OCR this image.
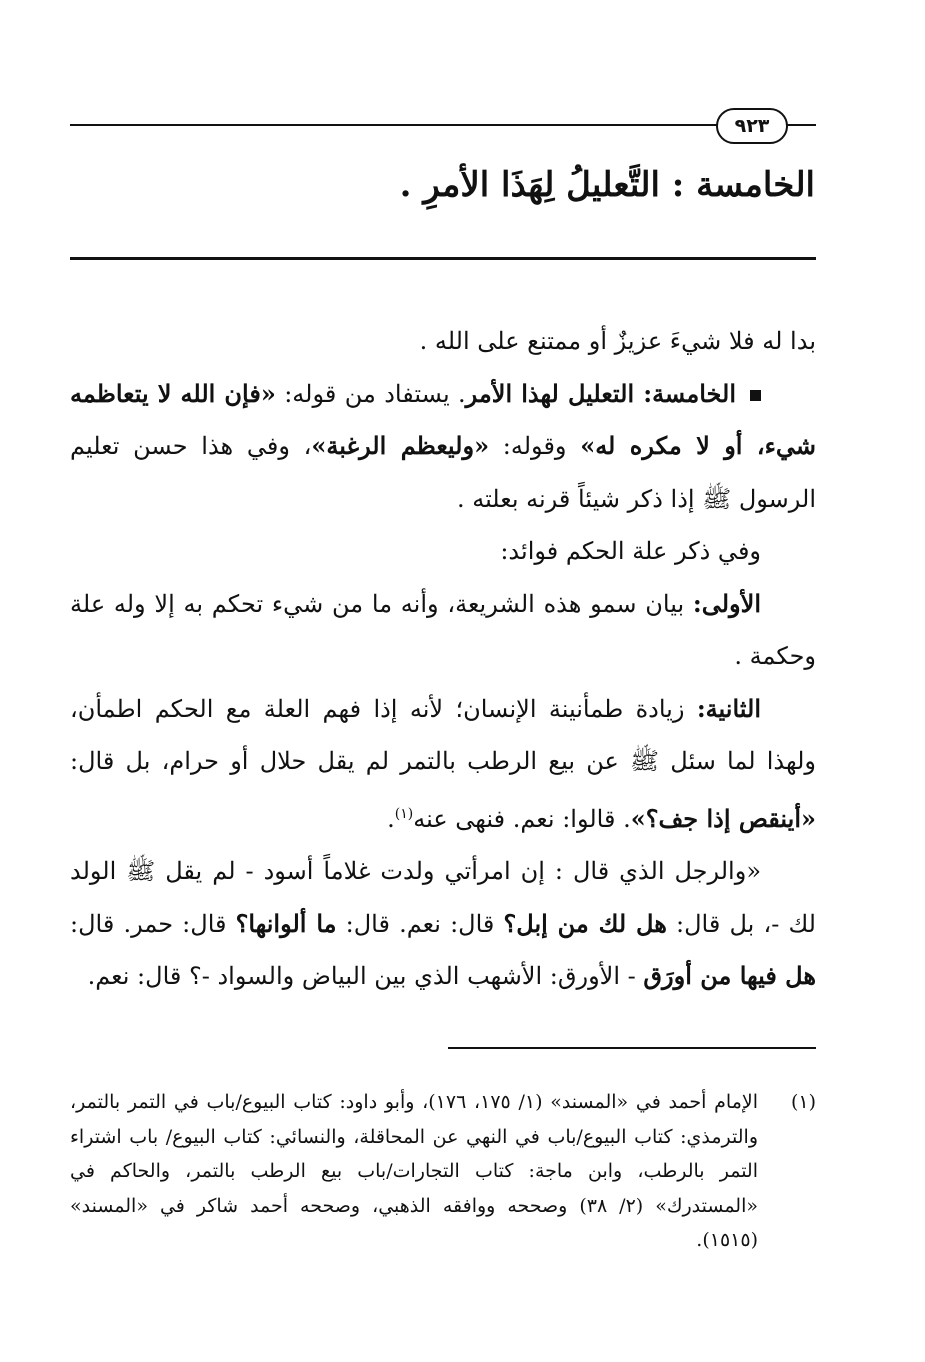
٩٢٣
الخامسة : التَّعليلُ لِهَذَا الأمرِ .

بدا له فلا شيءَ عزيزٌ أو ممتنع على الله .

الخامسة: التعليل لهذا الأمر. يستفاد من قوله: «فإن الله لا يتعاظمه شيء، أو لا مكره له» وقوله: «وليعظم الرغبة»، وفي هذا حسن تعليم الرسول ﷺ إذا ذكر شيئاً قرنه بعلته .

وفي ذكر علة الحكم فوائد:

الأولى: بيان سمو هذه الشريعة، وأنه ما من شيء تحكم به إلا وله علة وحكمة .

الثانية: زيادة طمأنينة الإنسان؛ لأنه إذا فهم العلة مع الحكم اطمأن، ولهذا لما سئل ﷺ عن بيع الرطب بالتمر لم يقل حلال أو حرام، بل قال: «أينقص إذا جف؟». قالوا: نعم. فنهى عنه$^{(١)}$.

«والرجل الذي قال : إن امرأتي ولدت غلاماً أسود - لم يقل ﷺ الولد لك -، بل قال: هل لك من إبل؟ قال: نعم. قال: ما ألوانها؟ قال: حمر. قال: هل فيها من أورَق - الأورق: الأشهب الذي بين البياض والسواد -؟ قال: نعم.

(١)
الإمام أحمد في «المسند» (١/ ١٧٥، ١٧٦)، وأبو داود: كتاب البيوع/باب في التمر بالتمر، والترمذي: كتاب البيوع/باب في النهي عن المحاقلة، والنسائي: كتاب البيوع/ باب اشتراء التمر بالرطب، وابن ماجة: كتاب التجارات/باب بيع الرطب بالتمر، والحاكم في «المستدرك» (٢/ ٣٨) وصححه ووافقه الذهبي، وصححه أحمد شاكر في «المسند» (١٥١٥).
